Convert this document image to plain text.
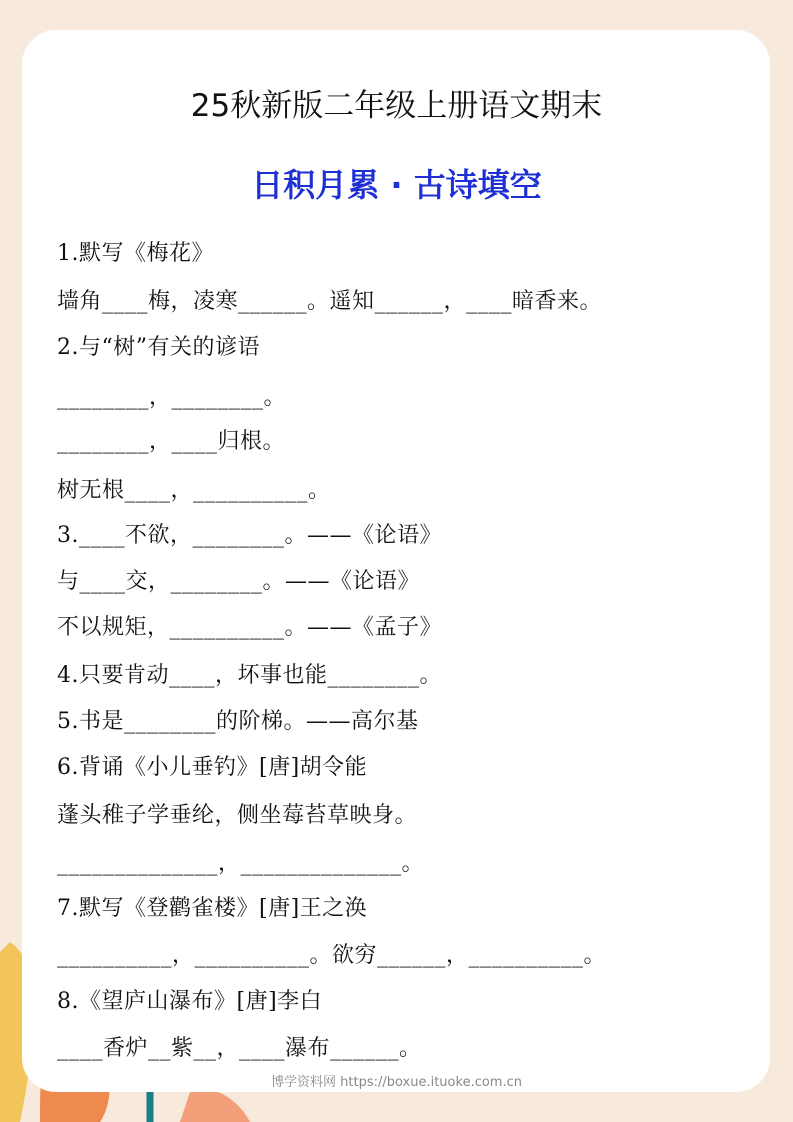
25秋新版二年级上册语文期末
日积月累 · 古诗填空
1.默写《梅花》
墙角____梅，凌寒______。遥知______，____暗香来。
2.与“树”有关的谚语
________，________。
________，____归根。
树无根____，__________。
3.____不欲，________。——《论语》
与____交，________。——《论语》
不以规矩，__________。——《孟子》
4.只要肯动____，坏事也能________。
5.书是________的阶梯。——高尔基
6.背诵《小儿垂钓》[唐]胡令能
蓬头稚子学垂纶，侧坐莓苔草映身。
______________，______________。
7.默写《登鹳雀楼》[唐]王之涣
__________，__________。欲穷______，__________。
8.《望庐山瀑布》[唐]李白
____香炉__紫__，____瀑布______。
博学资料网 https://boxue.ituoke.com.cn
